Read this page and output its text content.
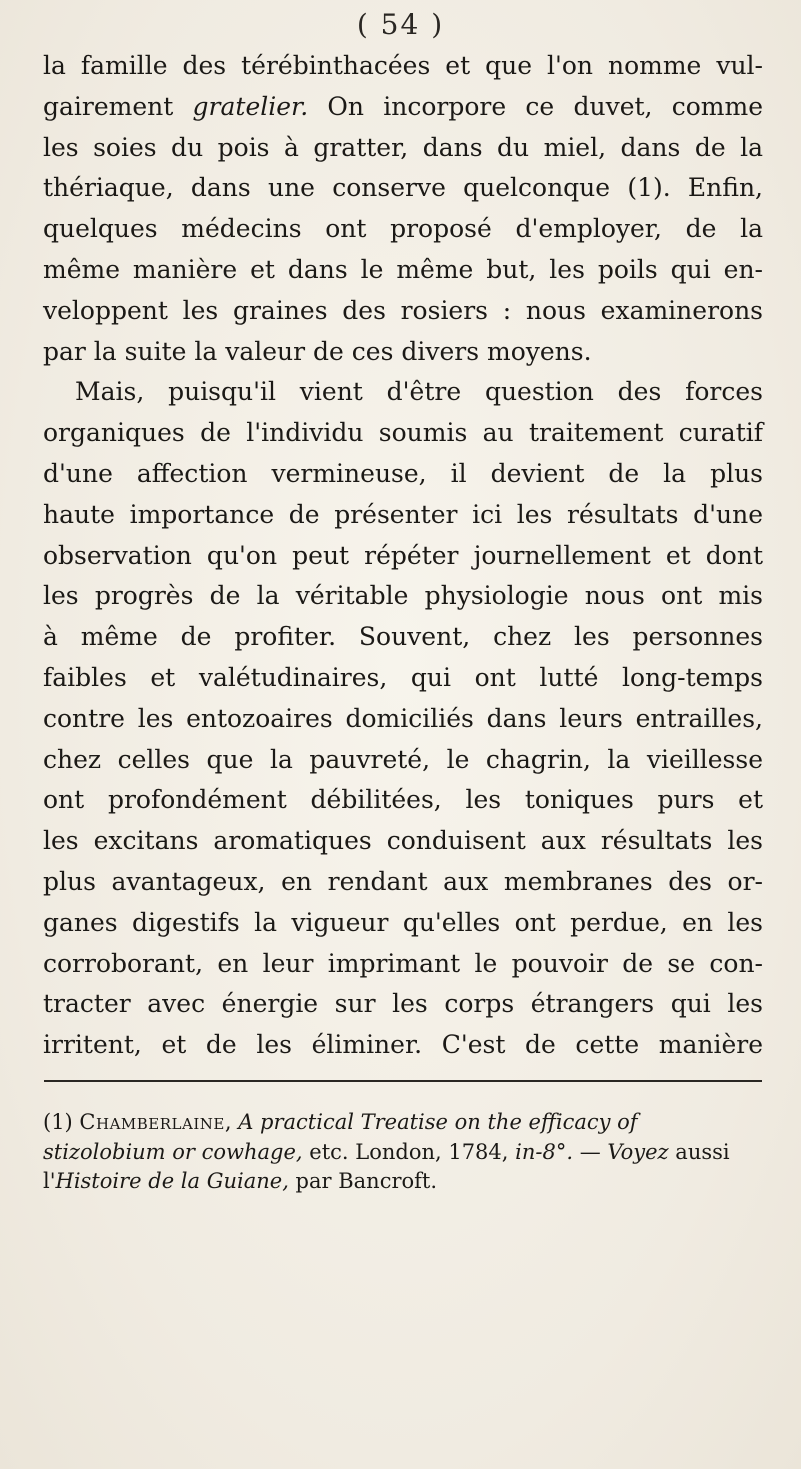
( 54 )
la famille des térébinthacées et que l'on nomme vul-
gairement gratelier. On incorpore ce duvet, comme
les soies du pois à gratter, dans du miel, dans de la
thériaque, dans une conserve quelconque (1). Enfin,
quelques médecins ont proposé d'employer, de la
même manière et dans le même but, les poils qui en-
veloppent les graines des rosiers : nous examinerons
par la suite la valeur de ces divers moyens.
Mais, puisqu'il vient d'être question des forces
organiques de l'individu soumis au traitement curatif
d'une affection vermineuse, il devient de la plus
haute importance de présenter ici les résultats d'une
observation qu'on peut répéter journellement et dont
les progrès de la véritable physiologie nous ont mis
à même de profiter. Souvent, chez les personnes
faibles et valétudinaires, qui ont lutté long-temps
contre les entozoaires domiciliés dans leurs entrailles,
chez celles que la pauvreté, le chagrin, la vieillesse
ont profondément débilitées, les toniques purs et
les excitans aromatiques conduisent aux résultats les
plus avantageux, en rendant aux membranes des or-
ganes digestifs la vigueur qu'elles ont perdue, en les
corroborant, en leur imprimant le pouvoir de se con-
tracter avec énergie sur les corps étrangers qui les
irritent, et de les éliminer. C'est de cette manière
(1) Chamberlaine, A practical Treatise on the efficacy of stizolobium or cowhage, etc. London, 1784, in-8°. — Voyez aussi l'Histoire de la Guiane, par Bancroft.
